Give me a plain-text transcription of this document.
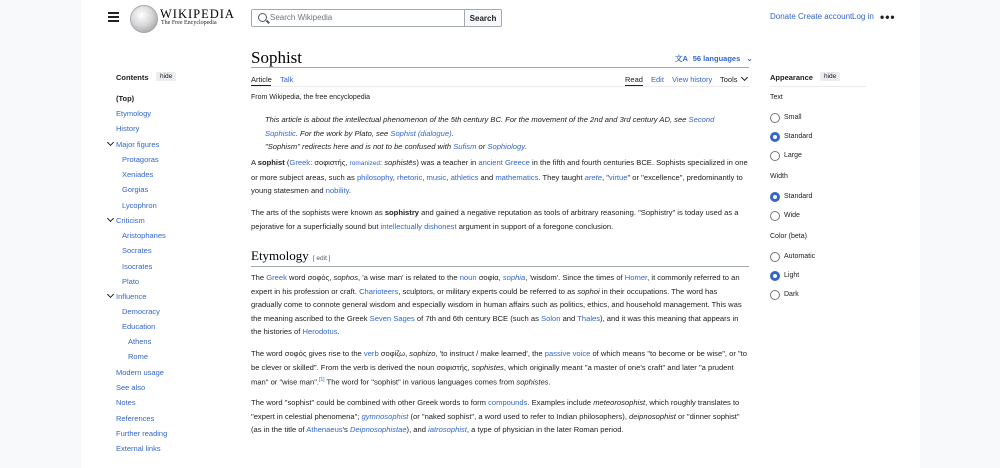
WIKIPEDIA
The Free Encyclopedia
Search Wikipedia
Search	Donate Create account Log in •••
Sophist	文A 56 languages ⌄
Article Talk	Read Edit View history Tools
Contents	hide
(Top)
Etymology
History
Major figures
Protagoras
Xeniades
Gorgias
Lycophron
Criticism
Aristophanes
Socrates
Isocrates
Plato
Influence
Democracy
Education
Athens
Rome
Modern usage
See also
Notes
References
Further reading
External links
Appearance	hide
Text
Small
Standard
Large
Width
Standard
Wide
Color (beta)
Automatic
Light
Dark
From Wikipedia, the free encyclopedia
This article is about the intellectual phenomenon of the 5th century BC. For the movement of the 2nd and 3rd century AD, see Second Sophistic. For the work by Plato, see Sophist (dialogue).
"Sophism" redirects here and is not to be confused with Sufism or Sophiology.
A sophist (Greek: σοφιστής, romanized: sophistēs) was a teacher in ancient Greece in the fifth and fourth centuries BCE. Sophists specialized in one or more subject areas, such as philosophy, rhetoric, music, athletics and mathematics. They taught arete, "virtue" or "excellence", predominantly to young statesmen and nobility.
The arts of the sophists were known as sophistry and gained a negative reputation as tools of arbitrary reasoning. "Sophistry" is today used as a pejorative for a superficially sound but intellectually dishonest argument in support of a foregone conclusion.
Etymology [ edit ]
The Greek word σοφός, sophos, 'a wise man' is related to the noun σοφία, sophia, 'wisdom'. Since the times of Homer, it commonly referred to an expert in his profession or craft. Charioteers, sculptors, or military experts could be referred to as sophoi in their occupations. The word has gradually come to connote general wisdom and especially wisdom in human affairs such as politics, ethics, and household management. This was the meaning ascribed to the Greek Seven Sages of 7th and 6th century BCE (such as Solon and Thales), and it was this meaning that appears in the histories of Herodotus.
The word σοφός gives rise to the verb σοφίζω, sophizo, 'to instruct / make learned', the passive voice of which means "to become or be wise", or "to be clever or skilled". From the verb is derived the noun σοφιστής, sophistes, which originally meant "a master of one's craft" and later "a prudent man" or "wise man".[1] The word for "sophist" in various languages comes from sophistes.
The word "sophist" could be combined with other Greek words to form compounds. Examples include meteorosophist, which roughly translates to "expert in celestial phenomena"; gymnosophist (or "naked sophist", a word used to refer to Indian philosophers), deipnosophist or "dinner sophist" (as in the title of Athenaeus's Deipnosophistae), and iatrosophist, a type of physician in the later Roman period.
